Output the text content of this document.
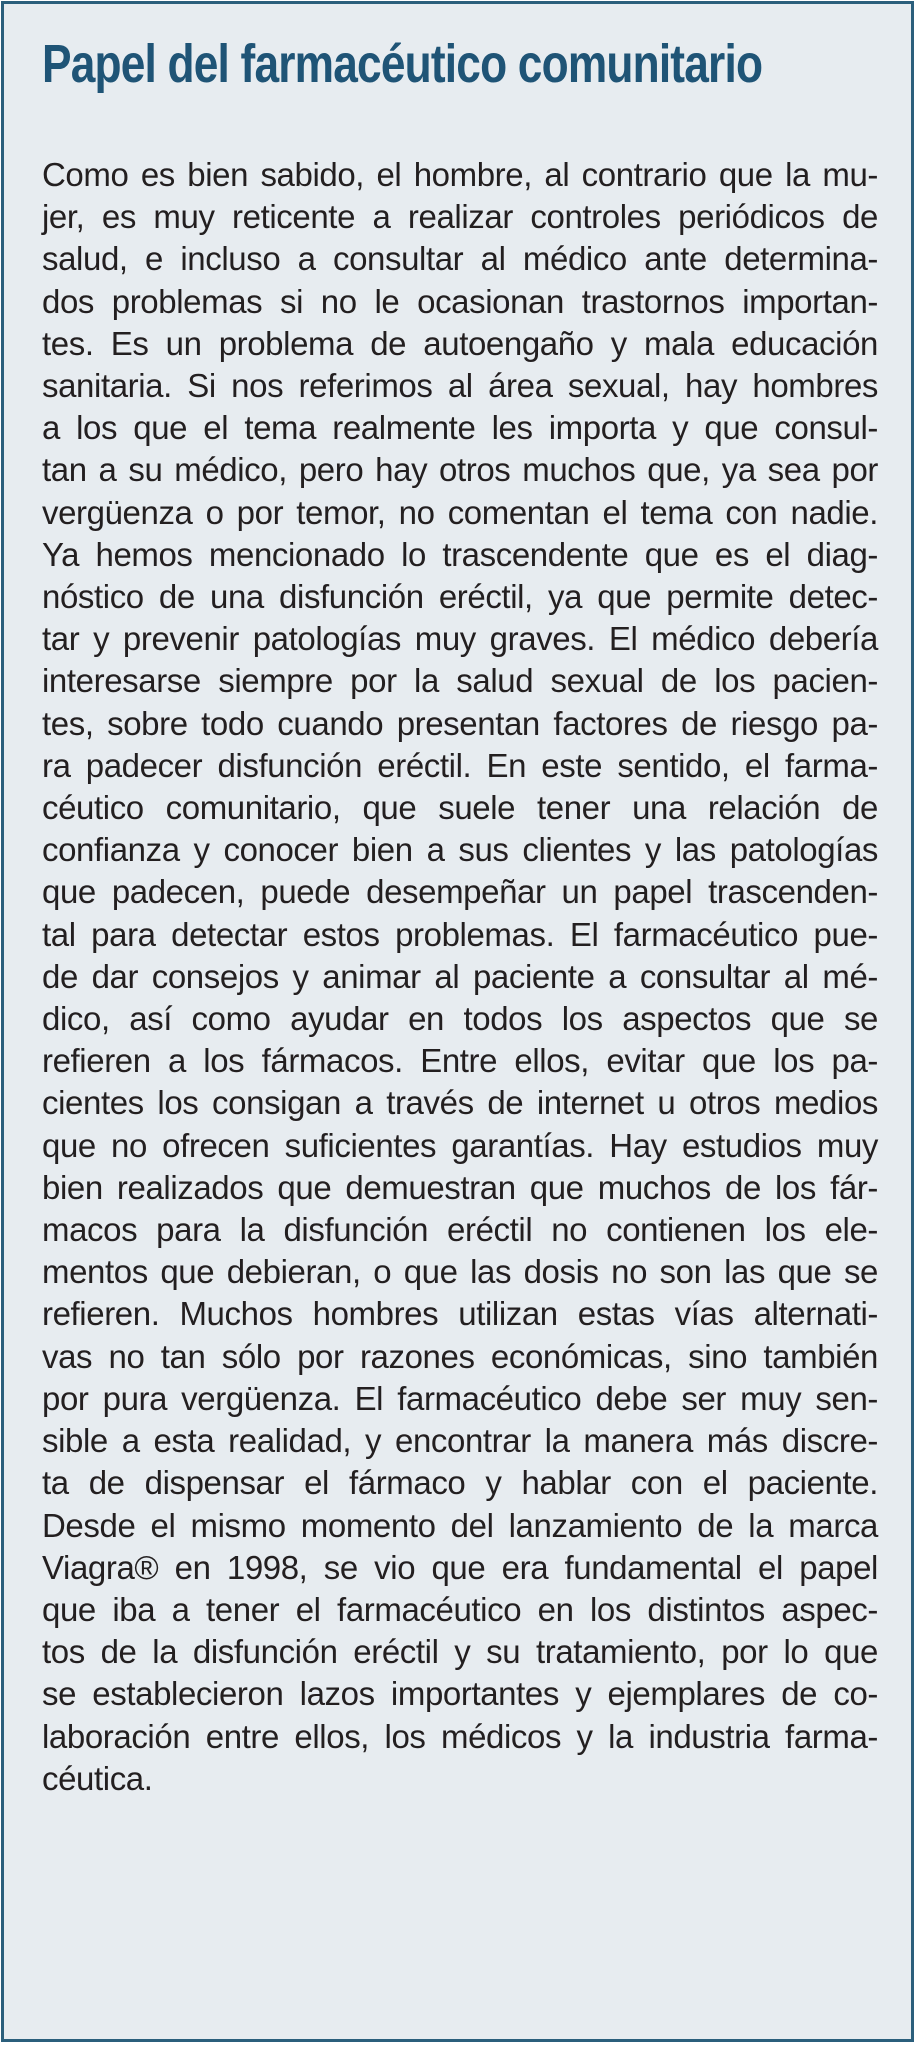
Papel del farmacéutico comunitario
Como es bien sabido, el hombre, al contrario que la mu-
jer, es muy reticente a realizar controles periódicos de
salud, e incluso a consultar al médico ante determina-
dos problemas si no le ocasionan trastornos importan-
tes. Es un problema de autoengaño y mala educación
sanitaria. Si nos referimos al área sexual, hay hombres
a los que el tema realmente les importa y que consul-
tan a su médico, pero hay otros muchos que, ya sea por
vergüenza o por temor, no comentan el tema con nadie.
Ya hemos mencionado lo trascendente que es el diag-
nóstico de una disfunción eréctil, ya que permite detec-
tar y prevenir patologías muy graves. El médico debería
interesarse siempre por la salud sexual de los pacien-
tes, sobre todo cuando presentan factores de riesgo pa-
ra padecer disfunción eréctil. En este sentido, el farma-
céutico comunitario, que suele tener una relación de
confianza y conocer bien a sus clientes y las patologías
que padecen, puede desempeñar un papel trascenden-
tal para detectar estos problemas. El farmacéutico pue-
de dar consejos y animar al paciente a consultar al mé-
dico, así como ayudar en todos los aspectos que se
refieren a los fármacos. Entre ellos, evitar que los pa-
cientes los consigan a través de internet u otros medios
que no ofrecen suficientes garantías. Hay estudios muy
bien realizados que demuestran que muchos de los fár-
macos para la disfunción eréctil no contienen los ele-
mentos que debieran, o que las dosis no son las que se
refieren. Muchos hombres utilizan estas vías alternati-
vas no tan sólo por razones económicas, sino también
por pura vergüenza. El farmacéutico debe ser muy sen-
sible a esta realidad, y encontrar la manera más discre-
ta de dispensar el fármaco y hablar con el paciente.
Desde el mismo momento del lanzamiento de la marca
Viagra® en 1998, se vio que era fundamental el papel
que iba a tener el farmacéutico en los distintos aspec-
tos de la disfunción eréctil y su tratamiento, por lo que
se establecieron lazos importantes y ejemplares de co-
laboración entre ellos, los médicos y la industria farma-
céutica.
